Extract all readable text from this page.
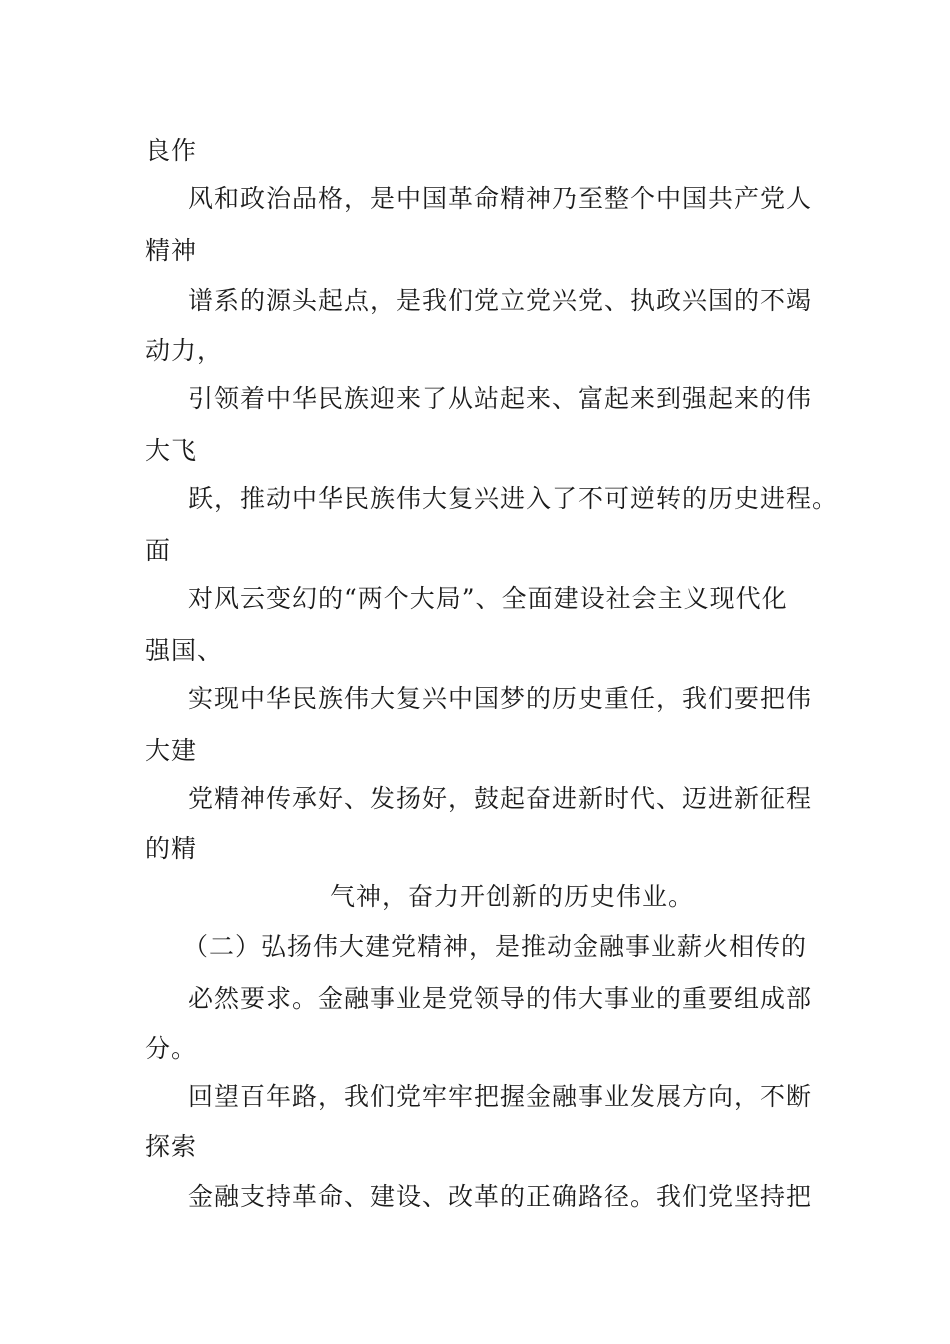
良作
风和政治品格，是中国革命精神乃至整个中国共产党人
精神
谱系的源头起点，是我们党立党兴党、执政兴国的不竭
动力，
引领着中华民族迎来了从站起来、富起来到强起来的伟
大飞
跃，推动中华民族伟大复兴进入了不可逆转的历史进程。
面
对风云变幻的“两个大局”、全面建设社会主义现代化
强国、
实现中华民族伟大复兴中国梦的历史重任，我们要把伟
大建
党精神传承好、发扬好，鼓起奋进新时代、迈进新征程
的精
气神，奋力开创新的历史伟业。
（二）弘扬伟大建党精神，是推动金融事业薪火相传的
必然要求。金融事业是党领导的伟大事业的重要组成部
分。
回望百年路，我们党牢牢把握金融事业发展方向，不断
探索
金融支持革命、建设、改革的正确路径。我们党坚持把
